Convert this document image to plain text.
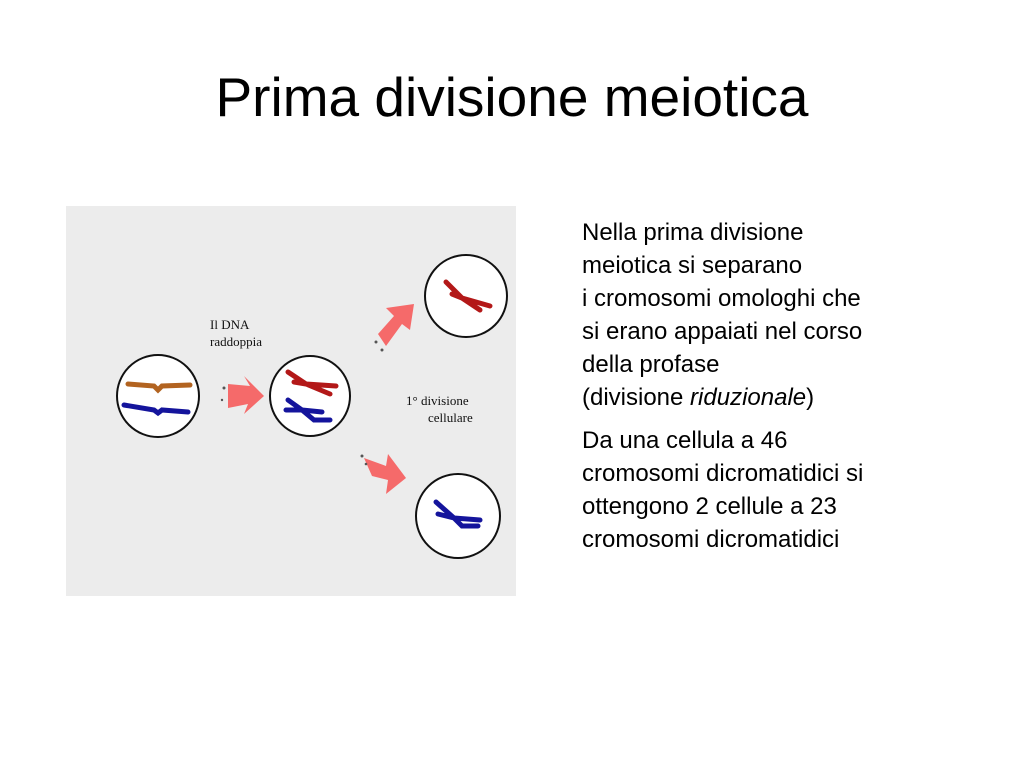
Prima divisione meiotica
Il DNA
raddoppia
1° divisione
cellulare
Nella prima divisione
meiotica si separano
i cromosomi omologhi che
si erano appaiati nel corso
della profase
(divisione riduzionale)
Da una cellula a 46
cromosomi dicromatidici si
ottengono 2 cellule a 23
cromosomi dicromatidici
